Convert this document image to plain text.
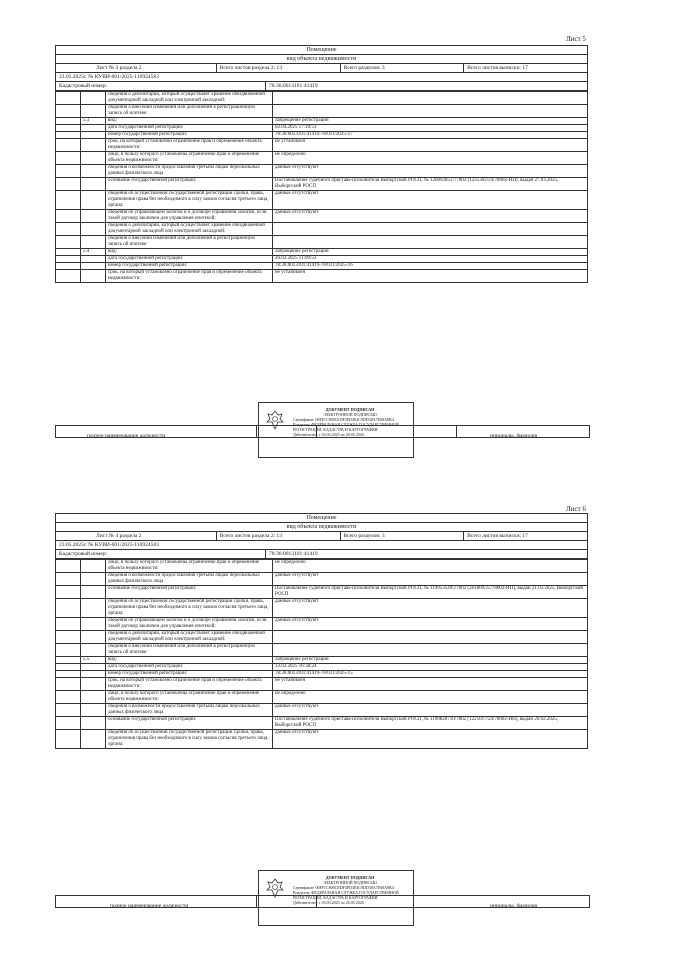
Лист 5
Помещение
вид объекта недвижимости
Лист № 3 раздела 2	Всего листов раздела 2: 13	Всего разделов: 3	Всего листов выписки: 17
23.05.2025г. № КУВИ-001/2025-110924583
Кадастровый номер:	78:36:0013101:41419
		сведения о депозитарии, который осуществляет хранение обездвиженной документарной закладной или электронной закладной:	
		сведения о внесении изменений или дополнений в регистрационную запись об ипотеке:	
	5.3	вид:	Запрещение регистрации
		дата государственной регистрации:	02.04.2025 17:10:53
		номер государственной регистрации:	78:36:0013101:41419-78/011/2025-17
		срок, на который установлено ограничение прав и обременение объекта недвижимости:	не установлен
		лицо, в пользу которого установлены ограничение прав и обременение объекта недвижимости:	не определено
		сведения о возможности предоставления третьим лицам персональных данных физического лица	данные отсутствуют
		основание государственной регистрации:	Постановление судебного пристава-исполнителя Выборгский РОСП, № 1200928537/7802 (1225302/24/78002-ИП), выдан 27.03.2025, Выборгский РОСП
		сведения об осуществлении государственной регистрации сделки, права, ограничения права без необходимого в силу закона согласия третьего лица, органа:	данные отсутствуют
		сведения об управляющем залогом и о договоре управления залогом, если такой договор заключен для управления ипотекой:	данные отсутствуют
		сведения о депозитарии, который осуществляет хранение обездвиженной документарной закладной или электронной закладной:	
		сведения о внесении изменений или дополнений в регистрационную запись об ипотеке:	
	5.4	вид:	Запрещение регистрации
		дата государственной регистрации:	26.03.2025 11:09:53
		номер государственной регистрации:	78:36:0013101:41419-78/011/2025-16
		срок, на который установлено ограничение прав и обременение объекта недвижимости:	не установлен
ДОКУМЕНТ ПОДПИСАН
ЭЛЕКТРОННОЙ ПОДПИСЬЮ
Сертификат: 00FF1C800CEDF3FD4E4C9DD38A7E68A8B4
Владелец: ФЕДЕРАЛЬНАЯ СЛУЖБА ГОСУДАРСТВЕННОЙ
РЕГИСТРАЦИИ, КАДАСТРА И КАРТОГРАФИИ
Действителен: с 03.03.2025 по 26.05.2026
полное наименование должности	инициалы, фамилия
Лист 6
Помещение
вид объекта недвижимости
Лист № 4 раздела 2	Всего листов раздела 2: 13	Всего разделов: 3	Всего листов выписки: 17
23.05.2025г. № КУВИ-001/2025-110924583
Кадастровый номер:	78:36:0013101:41419
		лицо, в пользу которого установлены ограничение прав и обременение объекта недвижимости:	не определено
		сведения о возможности предоставления третьим лицам персональных данных физического лица	данные отсутствуют
		основание государственной регистрации:	Постановление судебного пристава-исполнителя Выборгский РОСП, № 1199535495/7802 (261869/25/78002-ИП), выдан 21.03.2025, Выборгский РОСП
		сведения об осуществлении государственной регистрации сделки, права, ограничения права без необходимого в силу закона согласия третьего лица, органа:	данные отсутствуют
		сведения об управляющем залогом и о договоре управления залогом, если такой договор заключен для управления ипотекой:	данные отсутствуют
		сведения о депозитарии, который осуществляет хранение обездвиженной документарной закладной или электронной закладной:	
		сведения о внесении изменений или дополнений в регистрационную запись об ипотеке:	
	5.5	вид:	Запрещение регистрации
		дата государственной регистрации:	13.03.2025 16:38:24
		номер государственной регистрации:	78:36:0013101:41419-78/011/2025-15
		срок, на который установлено ограничение прав и обременение объекта недвижимости:	не установлен
		лицо, в пользу которого установлены ограничение прав и обременение объекта недвижимости:	не определено
		сведения о возможности предоставления третьим лицам персональных данных физического лица	данные отсутствуют
		основание государственной регистрации:	Постановление судебного пристава-исполнителя Выборгский РОСП, № 1190828710/7802 (1225017/24/78002-ИП), выдан 20.02.2025, Выборгский РОСП
		сведения об осуществлении государственной регистрации сделки, права, ограничения права без необходимого в силу закона согласия третьего лица, органа:	данные отсутствуют
ДОКУМЕНТ ПОДПИСАН
ЭЛЕКТРОННОЙ ПОДПИСЬЮ
Сертификат: 00FF1C800CEDF3FD4E4C9DD38A7E68A8B4
Владелец: ФЕДЕРАЛЬНАЯ СЛУЖБА ГОСУДАРСТВЕННОЙ
РЕГИСТРАЦИИ, КАДАСТРА И КАРТОГРАФИИ
Действителен: с 03.03.2025 по 26.05.2026
полное наименование должности	инициалы, фамилия
